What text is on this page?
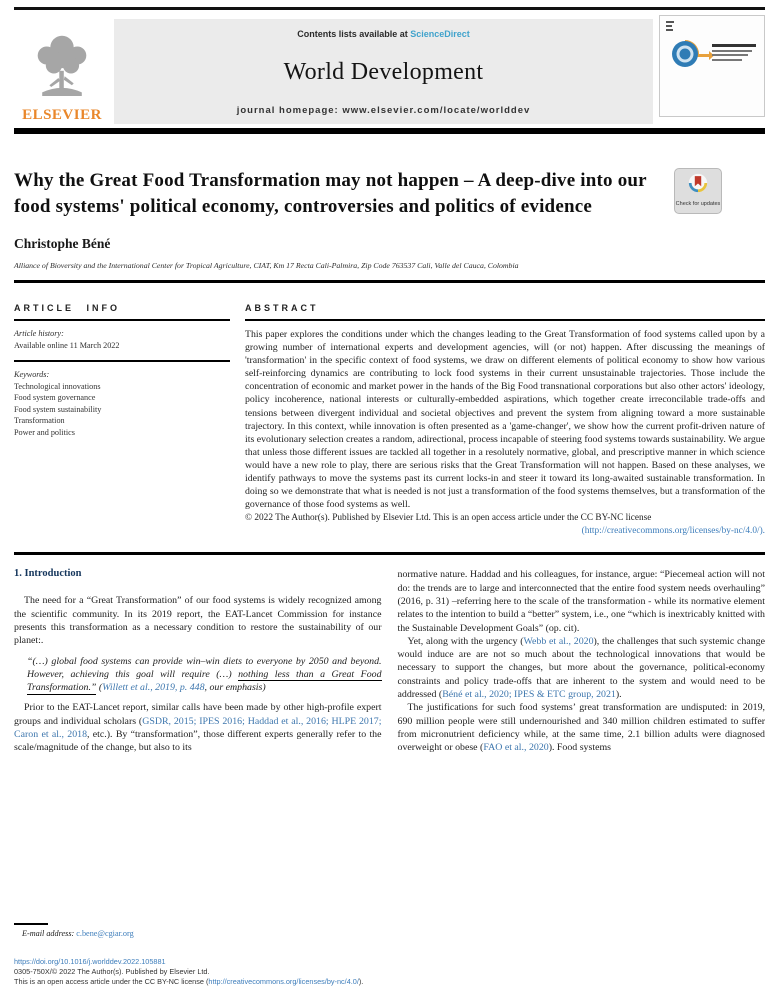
ELSEVIER
Contents lists available at ScienceDirect
World Development
journal homepage: www.elsevier.com/locate/worlddev
Why the Great Food Transformation may not happen – A deep-dive into our food systems' political economy, controversies and politics of evidence	Check for updates
Christophe Béné
Alliance of Bioversity and the International Center for Tropical Agriculture, CIAT, Km 17 Recta Cali-Palmira, Zip Code 763537 Cali, Valle del Cauca, Colombia
ARTICLE INFO
Article history:
Available online 11 March 2022
Keywords:
Technological innovations
Food system governance
Food system sustainability
Transformation
Power and politics
ABSTRACT
This paper explores the conditions under which the changes leading to the Great Transformation of food systems called upon by a growing number of international experts and development agencies, will (or not) happen. After discussing the meanings of 'transformation' in the specific context of food systems, we draw on different elements of political economy to show how various self-reinforcing dynamics are contributing to lock food systems in their current unsustainable trajectories. Those include the concentration of economic and market power in the hands of the Big Food transnational corporations but also other actors' ideology, policy incoherence, national interests or culturally-embedded aspirations, which together create irreconcilable trade-offs and tensions between divergent individual and societal objectives and prevent the system from aligning toward a more sustainable trajectory. In this context, while innovation is often presented as a 'game-changer', we show how the current profit-driven nature of its evolutionary selection creates a random, adirectional, process incapable of steering food systems towards sustainability. We argue that unless those different issues are tackled all together in a resolutely normative, global, and prescriptive manner in which science would have a new role to play, there are serious risks that the Great Transformation will not happen. Based on these analyses, we identify pathways to move the systems past its current locks-in and steer it toward its long-awaited sustainable transformation. In doing so we demonstrate that what is needed is not just a transformation of the food systems themselves, but a transformation of the governance of those food systems as well.
© 2022 The Author(s). Published by Elsevier Ltd. This is an open access article under the CC BY-NC license
(http://creativecommons.org/licenses/by-nc/4.0/).
1. Introduction

The need for a “Great Transformation” of our food systems is widely recognized among the scientific community. In its 2019 report, the EAT-Lancet Commission for instance presents this transformation as a necessary condition to restore the sustainability of our planet:.

“(…) global food systems can provide win–win diets to everyone by 2050 and beyond. However, achieving this goal will require (…) nothing less than a Great Food Transformation.” (Willett et al., 2019, p. 448, our emphasis)

Prior to the EAT-Lancet report, similar calls have been made by other high-profile expert groups and individual scholars (GSDR, 2015; IPES 2016; Haddad et al., 2016; HLPE 2017; Caron et al., 2018, etc.). By “transformation”, those different experts generally refer to the scale/magnitude of the change, but also to its

normative nature. Haddad and his colleagues, for instance, argue: “Piecemeal action will not do: the trends are to large and interconnected that the entire food system needs overhauling” (2016, p. 31) –referring here to the scale of the transformation - while its normative element relates to the intention to build a “better” system, i.e., one “which is inextricably knitted with the Sustainable Development Goals” (op. cit).

Yet, along with the urgency (Webb et al., 2020), the challenges that such systemic change would induce are are not so much about the technological innovations that would be necessary to support the changes, but more about the governance, political-economy constraints and policy trade-offs that are inherent to the system and would need to be addressed (Béné et al., 2020; IPES & ETC group, 2021).

The justifications for such food systems’ great transformation are undisputed: in 2019, 690 million people were still undernourished and 340 million children estimated to suffer from micronutrient deficiency while, at the same time, 2.1 billion adults were diagnosed overweight or obese (FAO et al., 2020). Food systems

E-mail address: c.bene@cgiar.org
https://doi.org/10.1016/j.worlddev.2022.105881
0305-750X/© 2022 The Author(s). Published by Elsevier Ltd.
This is an open access article under the CC BY-NC license (http://creativecommons.org/licenses/by-nc/4.0/).
